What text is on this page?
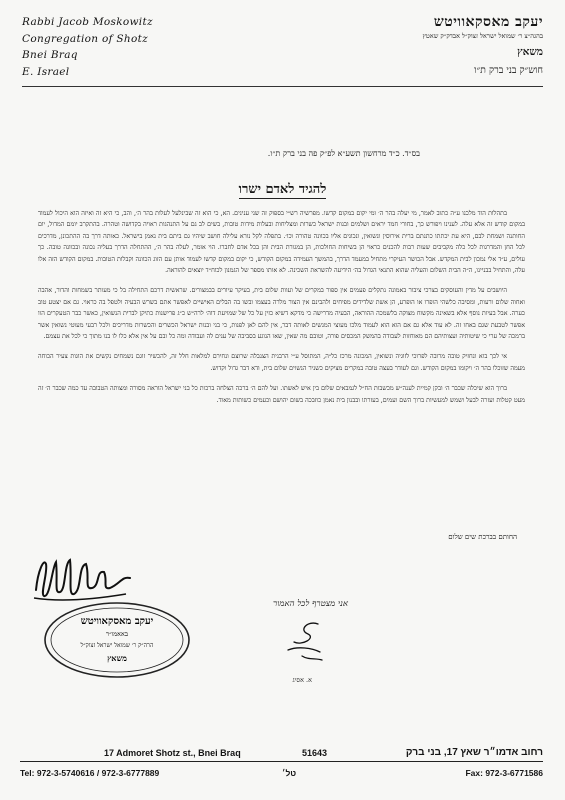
Rabbi Jacob Moskowitz
Congregation of Shotz
Bnei Braq
E. Israel
יעקב מאסקאוויטש
בהגה״צ ר׳ שמואל ישראל זצוק״ל אבדק״ק שאטץ
משאץ
חוש״ק בני ברק ת״ו
בס״ד. כ״ד מרחשון תשע״א לפ״ק פה בני ברק ת״ו.
להגיד לאדם ישרו

בתהלות הוד מלכנו ע״ה כתוב לאמר, מי יעלה בהר ה׳ ומי יקום במקום קדשו. מפרשיה רש״י בספוק זה שני ענינים. הא, כי הוא זה שבינלעל לעלות בהר ה׳, והב, כי היא זה ואיזה הוא היכול לעמוד במקום קודש זה אלא עלה. לענינו ויפורש כך, בחורי חמד יראים ושלמים ובנות ישראל כשרות ומצליחות ובעלות מידות טובות, בשים לב גם על התנהגות ראויה בקדושה וטהרה. בהתקרב יומם המדול, יום החותנה ושמחת לבם, היא עת יכתתו כתנתם ברית אירוסין ונשואין, ונכונים אליו בכוונה טהורה וכו׳. בתפלה לקל נורא עלילה חושב שיהיו גם ביתם בית נאמן בישראל. כאותה דרך בה ההתכונן, מדרכים לכל החן והמדרגות לכל כלה מקביבים שעות רבות להכנים כראוי הן בשיחות החולכות, הן במגורת הבית והן בכל אדם לחברו. הוי אומר, לעלה בהר ה׳, ההתחלה הדרך בעליה נכונה ובכוונה טובה. כך עולים, ע״ד אלי נמכון לבית המקדש. אבל הכושר העיקרי מתחיל במעמד הדרך, בהמשך העמידה במקום הקודש, כי יקום במקום קדשו לעמוד אותן עם הזוג הכוונה וקבלות הטובות. במקום הקודש הזה אלו עלה, והתחיל בבניינו, ה״ה הבית השלום והעליה שהוא התנאי הגדול בה׳ הידיעה להשראת השכינה. לא אותו מספר של הגמנון לכוח״ד יוצאים להוראה.

היושבים על מדין והעוסקים בצרכי ציבור באמונה נתקלים פעמים אין ספור במקרים של ועוות שלום בית, בעיקר עיורים בבמצורים. שראשית דרכם התחילה בל כי מעותר בשמחות והדור, אהבה ואחוה שלום ורעות, ומסיבה כלשהי הופרו או הופרע, הן אשת שלדידים מפיחים ולהבינם אין הצור מלרה בעצמו ובשו בה הבלים האישיים לאפשר אתם בשרש הבעיה ולטפל בה כראוי. גם אם יצטע טוב כערה. אבל בעיות נוסף אלא בשאינה מקשוח מצוקה בלשמכה ההוראה, הבעיה מדרישה כי מדקא דשיא כזין על כל של שמויעת דוה׳ לרה״ש כ״ג פרישנות כתיקן לברית הנשואין, כאשר כבר הטעקרים הוו אפשר לטבעת שגם באחו זה. לא עוד אלא גם אם הוא הוא לעמוד מלכו מעוצי המנשים לאותה דבר, אין להם לאן לפנות, כי בני ובנות ישראל הכשרים והכשרות מדריכים ולכל רבעי מעוטי נשואין אשר ברמכה של ערי כי שיטותיה ועצותיהם הם מאוחזות לעבודה בהמשק המכסים פורה, וטובם מה שאין, שאו הנוגע בסביבה של ענים לה ועבודה ומה כל ובם על אין אלא כלו לו בנו מתוך כי לכל את עצמם.

אי לכך בוא ונחזיק טובה מרובה לפרוכי לזוגיה ונשואין, המכונה מרכז כל״ה, המתוסל ע״י הרבנית הצנבלה שרוצם ונחירם למלאות חלל זה, להכשיר זוגם נשמחים נקשים את הוגות צעיר הכוחה מעמה שזוכלו בהר ה׳ ויקומו במקום הקודש. וגם לעודר בעצה טובה במקרים מציקים כשניר הנשוים שלום בית, ודא דבר גדול וקדוש.

ברוך הוא שיכלה שכבר ה׳ ובקן קמיית לענה״ש מכשבות הח״ל לגמבאים שלום בין איש לאשתו. ועל להם ה׳ ברכה הצלחה ברכות כל בני ישראל הוראה מסורה ומצותה הטבובה עד כמה שכבר ה׳ זה מעט קטלות ועזרה לבעל ושמש למעשיות ברוך השם ועמים, בעזרתו ובבנון בית נאמן כוזבכה בשום יהושם וכעמים כשותות מאוד.

החותם בברכת שים שלום
יעקב מאסקאוויטש
באאמו״ר
הרה״ק ר׳ שמואל ישראל זצוק״ל
משאץ
אני מצטרף לכל האמור
א. אסיג
17 Admoret Shotz st., Bnei Braq	51643	רחוב אדמו״ר שאץ 17, בני ברק
Tel: 972-3-5740616 / 972-3-6777889	טל׳	Fax: 972-3-6771586
